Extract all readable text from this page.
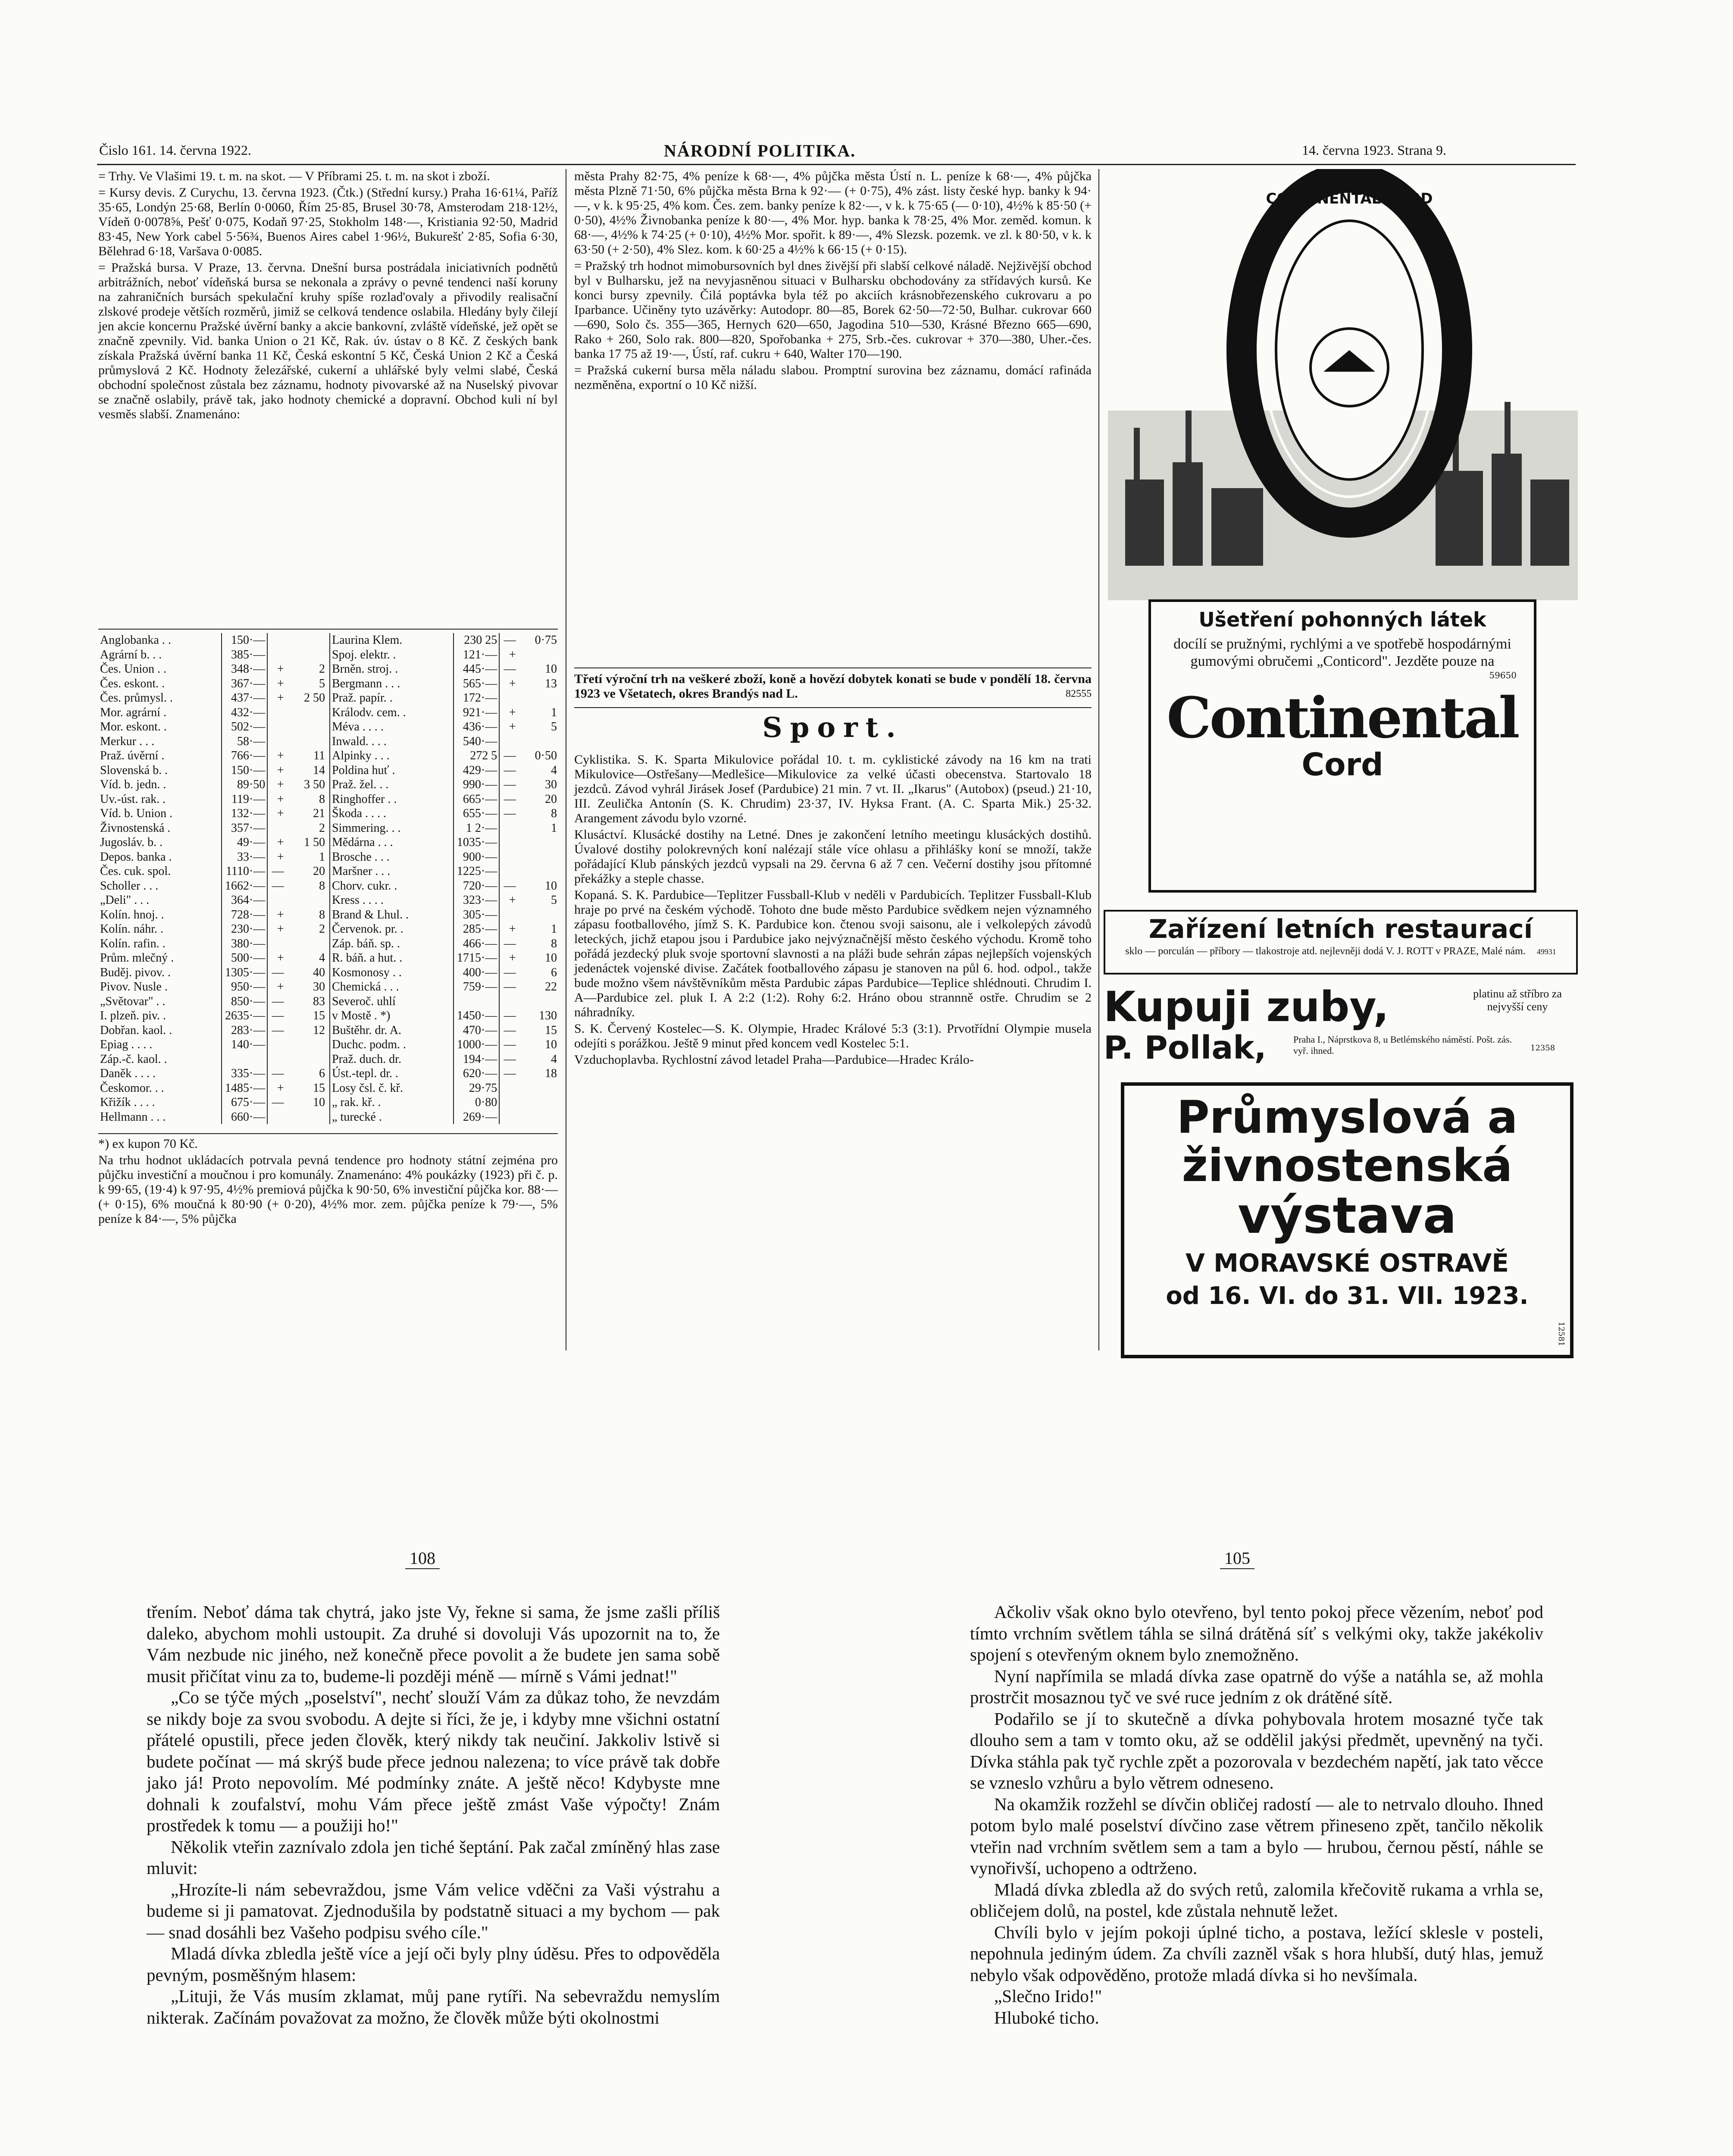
Čislo 161. 14. června 1922.	NÁRODNÍ POLITIKA.	14. června 1923. Strana 9.

= Trhy. Ve Vlašimi 19. t. m. na skot. — V Příbrami 25. t. m. na skot i zboží.

= Kursy devis. Z Curychu, 13. června 1923. (Čtk.) (Střední kursy.) Praha 16·61¼, Paříž 35·65, Londýn 25·68, Berlín 0·0060, Řím 25·85, Brusel 30·78, Amsterodam 218·12½, Vídeň 0·0078⅝, Pešť 0·075, Kodaň 97·25, Stokholm 148·—, Kristiania 92·50, Madrid 83·45, New York cabel 5·56¾, Buenos Aires cabel 1·96½, Bukurešť 2·85, Sofia 6·30, Bělehrad 6·18, Varšava 0·0085.

= Pražská bursa. V Praze, 13. června. Dnešní bursa postrádala iniciativních podnětů arbitrážních, neboť vídeňská bursa se nekonala a zprávy o pevné tendenci naší koruny na zahraničních bursách spekulační kruhy spíše rozlad'ovaly a přivodily realisační zlskové prodeje větších rozměrů, jimiž se celková tendence oslabila. Hledány byly čilejí jen akcie koncernu Pražské úvěrní banky a akcie bankovní, zvláště vídeňské, jež opět se značně zpevnily. Vid. banka Union o 21 Kč, Rak. úv. ústav o 8 Kč. Z českých bank získala Pražská úvěrní banka 11 Kč, Česká eskontní 5 Kč, Česká Union 2 Kč a Česká průmyslová 2 Kč. Hodnoty železářské, cukerní a uhlářské byly velmi slabé, Česká obchodní společnost zůstala bez záznamu, hodnoty pivovarské až na Nuselský pivovar se značně oslabily, právě tak, jako hodnoty chemické a dopravní. Obchod kuli ní byl vesměs slabší. Znamenáno:

Anglobanka . .	150·—		
Agrární b. . .	385·—		
Čes. Union . .	348·—	+	2
Čes. eskont. .	367·—	+	5
Čes. průmysl. .	437·—	+	2 50
Mor. agrární .	432·—		
Mor. eskont. .	502·—		
Merkur . . .	58·—		
Praž. úvěrní .	766·—	+	11
Slovenská b. .	150·—	+	14
Víd. b. jedn. .	89·50	+	3 50
Uv.-úst. rak. .	119·—	+	8
Víd. b. Union .	132·—	+	21
Živnostenská .	357·—		2
Jugosláv. b. .	49·—	+	1 50
Depos. banka .	33·—	+	1
Čes. cuk. spol.	1110·—	—	20
Scholler . . .	1662·—	—	8
„Deli" . . .	364·—		
Kolín. hnoj. .	728·—	+	8
Kolín. náhr. .	230·—	+	2
Kolín. rafin. .	380·—		
Prům. mlečný .	500·—	+	4
Buděj. pivov. .	1305·—	—	40
Pivov. Nusle .	950·—	+	30
„Světovar" . .	850·—	—	83
I. plzeň. piv. .	2635·—	—	15
Dobřan. kaol. .	283·—	—	12
Epiag . . . .	140·—		
Záp.-č. kaol. .			
Daněk . . . .	335·—	—	6
Českomor. . .	1485·—	+	15
Křižík . . . .	675·—	—	10
Hellmann . . .	660·—		
Laurina Klem.	230 25	—	0·75
Spoj. elektr. .	121·—	+	
Brněn. stroj. .	445·—	—	10
Bergmann . . .	565·—	+	13
Praž. papír. .	172·—		
Králodv. cem. .	921·—	+	1
Méva . . . .	436·—	+	5
Inwald. . . .	540·—		
Alpinky . . .	272 5	—	0·50
Poldina huť .	429·—	—	4
Praž. žel. . .	990·—	—	30
Ringhoffer . .	665·—	—	20
Škoda . . . .	655·—	—	8
Simmering. . .	1 2·—		1
Mědárna . . .	1035·—		
Brosche . . .	900·—		
Maršner . . .	1225·—		
Chorv. cukr. .	720·—	—	10
Kress . . . .	323·—	+	5
Brand & Lhul. .	305·—		
Červenok. pr. .	285·—	+	1
Záp. báň. sp. .	466·—	—	8
R. báň. a hut. .	1715·—	+	10
Kosmonosy . .	400·—	—	6
Chemická . . .	759·—	—	22
Severoč. uhlí			
v Mostě . *)	1450·—	—	130
Buštěhr. dr. A.	470·—	—	15
Duchc. podm. .	1000·—	—	10
Praž. duch. dr.	194·—	—	4
Úst.-tepl. dr. .	620·—	—	18
Losy čsl. č. kř.	29·75		
„ rak. kř. .	0·80		
„ turecké .	269·—		

*) ex kupon 70 Kč.

Na trhu hodnot ukládacích potrvala pevná tendence pro hodnoty státní zejména pro půjčku investiční a moučnou i pro komunály. Znamenáno: 4% poukázky (1923) při č. p. k 99·65, (19·4) k 97·95, 4½% premiová půjčka k 90·50, 6% investiční půjčka kor. 88·— (+ 0·15), 6% moučná k 80·90 (+ 0·20), 4½% mor. zem. půjčka peníze k 79·—, 5% peníze k 84·—, 5% půjčka

města Prahy 82·75, 4% peníze k 68·—, 4% půjčka města Ústí n. L. peníze k 68·—, 4% půjčka města Plzně 71·50, 6% půjčka města Brna k 92·— (+ 0·75), 4% zást. listy české hyp. banky k 94·—, v k. k 95·25, 4% kom. Čes. zem. banky peníze k 82·—, v k. k 75·65 (— 0·10), 4½% k 85·50 (+ 0·50), 4½% Živnobanka peníze k 80·—, 4% Mor. hyp. banka k 78·25, 4% Mor. zeměd. komun. k 68·—, 4½% k 74·25 (+ 0·10), 4½% Mor. spořit. k 89·—, 4% Slezsk. pozemk. ve zl. k 80·50, v k. k 63·50 (+ 2·50), 4% Slez. kom. k 60·25 a 4½% k 66·15 (+ 0·15).

= Pražský trh hodnot mimobursovních byl dnes živější při slabší celkové náladě. Nejživější obchod byl v Bulharsku, jež na nevyjasněnou situaci v Bulharsku obchodovány za střídavých kursů. Ke konci bursy zpevnily. Čilá poptávka byla též po akciích krásnobřezenského cukrovaru a po Iparbance. Učiněny tyto uzávěrky: Autodopr. 80—85, Borek 62·50—72·50, Bulhar. cukrovar 660—690, Solo čs. 355—365, Hernych 620—650, Jagodina 510—530, Krásné Březno 665—690, Rako + 260, Solo rak. 800—820, Spořobanka + 275, Srb.-čes. cukrovar + 370—380, Uher.-čes. banka 17 75 až 19·—, Ústí, raf. cukru + 640, Walter 170—190.

= Pražská cukerní bursa měla náladu slabou. Promptní surovina bez záznamu, domácí rafináda nezměněna, exportní o 10 Kč nižší.

Třetí výroční trh na veškeré zboží, koně a hovězí dobytek konati se bude v pondělí 18. června 1923 ve Všetatech, okres Brandýs nad L.	82555
Sport.

Cyklistika. S. K. Sparta Mikulovice pořádal 10. t. m. cyklistické závody na 16 km na trati Mikulovice—Ostřešany—Medlešice—Mikulovice za velké účasti obecenstva. Startovalo 18 jezdců. Závod vyhrál Jirásek Josef (Pardubice) 21 min. 7 vt. II. „Ikarus" (Autobox) (pseud.) 21·10, III. Zeulička Antonín (S. K. Chrudim) 23·37, IV. Hyksa Frant. (A. C. Sparta Mik.) 25·32. Arangement závodu bylo vzorné.

Klusáctví. Klusácké dostihy na Letné. Dnes je zakončení letního meetingu klusáckých dostihů. Úvalové dostihy polokrevných koní nalézají stále více ohlasu a přihlášky koní se množí, takže pořádající Klub pánských jezdců vypsali na 29. června 6 až 7 cen. Večerní dostihy jsou přítomné překážky a steple chasse.

Kopaná. S. K. Pardubice—Teplitzer Fussball-Klub v neděli v Pardubicích. Teplitzer Fussball-Klub hraje po prvé na českém východě. Tohoto dne bude město Pardubice svědkem nejen významného zápasu footballového, jímž S. K. Pardubice kon. čtenou svoji saisonu, ale i velkolepých závodů leteckých, jichž etapou jsou i Pardubice jako nejvýznačnější město českého východu. Kromě toho pořádá jezdecký pluk svoje sportovní slavnosti a na pláži bude sehrán zápas nejlepších vojenských jedenáctek vojenské divise. Začátek footballového zápasu je stanoven na půl 6. hod. odpol., takže bude možno všem návštěvníkům města Pardubic zápas Pardubice—Teplice shlédnouti. Chrudim I. A—Pardubice zel. pluk I. A 2:2 (1:2). Rohy 6:2. Hráno obou strannně ostře. Chrudim se 2 náhradníky.

S. K. Červený Kostelec—S. K. Olympie, Hradec Králové 5:3 (3:1). Prvotřídní Olympie musela odejíti s porážkou. Ještě 9 minut před koncem vedl Kostelec 5:1.

Vzduchoplavba. Rychlostní závod letadel Praha—Pardubice—Hradec Králo-

CONTINENTAL CORD
Ušetření pohonných látek
docílí se pružnými, rychlými a ve spotřebě hospodárnými gumovými obručemi „Conticord". Jezděte pouze na
59650
Continental
Cord
Zařízení letních restaurací
sklo — porculán — příbory — tlakostroje atd. nejlevněji dodá V. J. ROTT v PRAZE, Malé nám. 49931
Kupuji zuby,
P. Pollak,
platinu až stříbro za nejvyšší ceny
Praha I., Náprstkova 8, u Betlémského náměstí. Pošt. zás. vyř. ihned.	12358
Průmyslová a
živnostenská
výstava
V MORAVSKÉ OSTRAVĚ
od 16. VI. do 31. VII. 1923.
12581
108	105

třením. Neboť dáma tak chytrá, jako jste Vy, řekne si sama, že jsme zašli příliš daleko, abychom mohli ustoupit. Za druhé si dovoluji Vás upozornit na to, že Vám nezbude nic jiného, než konečně přece povolit a že budete jen sama sobě musit přičítat vinu za to, budeme-li později méně — mírně s Vámi jednat!"

„Co se týče mých „poselství", nechť slouží Vám za důkaz toho, že nevzdám se nikdy boje za svou svobodu. A dejte si říci, že je, i kdyby mne všichni ostatní přátelé opustili, přece jeden člověk, který nikdy tak neučiní. Jakkoliv lstivě si budete počínat — má skrýš bude přece jednou nalezena; to více právě tak dobře jako já! Proto nepovolím. Mé podmínky znáte. A ještě něco! Kdybyste mne dohnali k zoufalství, mohu Vám přece ještě zmást Vaše výpočty! Znám prostředek k tomu — a použiji ho!"

Několik vteřin zaznívalo zdola jen tiché šeptání. Pak začal zmíněný hlas zase mluvit:

„Hrozíte-li nám sebevraždou, jsme Vám velice vděčni za Vaši výstrahu a budeme si ji pamatovat. Zjednodušila by podstatně situaci a my bychom — pak — snad dosáhli bez Vašeho podpisu svého cíle."

Mladá dívka zbledla ještě více a její oči byly plny úděsu. Přes to odpověděla pevným, posměšným hlasem:

„Lituji, že Vás musím zklamat, můj pane rytíři. Na sebevraždu nemyslím nikterak. Začínám považovat za možno, že člověk může býti okolnostmi

Ačkoliv však okno bylo otevřeno, byl tento pokoj přece vězením, neboť pod tímto vrchním světlem táhla se silná drátěná síť s velkými oky, takže jakékoliv spojení s otevřeným oknem bylo znemožněno.

Nyní napřímila se mladá dívka zase opatrně do výše a natáhla se, až mohla prostrčit mosaznou tyč ve své ruce jedním z ok drátěné sítě.

Podařilo se jí to skutečně a dívka pohybovala hrotem mosazné tyče tak dlouho sem a tam v tomto oku, až se oddělil jakýsi předmět, upevněný na tyči. Dívka stáhla pak tyč rychle zpět a pozorovala v bezdechém napětí, jak tato věcce se vzneslo vzhůru a bylo větrem odneseno.

Na okamžik rozžehl se dívčin obličej radostí — ale to netrvalo dlouho. Ihned potom bylo malé poselství dívčino zase větrem přineseno zpět, tančilo několik vteřin nad vrchním světlem sem a tam a bylo — hrubou, černou pěstí, náhle se vynořivší, uchopeno a odtrženo.

Mladá dívka zbledla až do svých retů, zalomila křečovitě rukama a vrhla se, obličejem dolů, na postel, kde zůstala nehnutě ležet.

Chvíli bylo v jejím pokoji úplné ticho, a postava, ležící sklesle v posteli, nepohnula jediným údem. Za chvíli zazněl však s hora hlubší, dutý hlas, jemuž nebylo však odpověděno, protože mladá dívka si ho nevšímala.

„Slečno Irido!"

Hluboké ticho.
